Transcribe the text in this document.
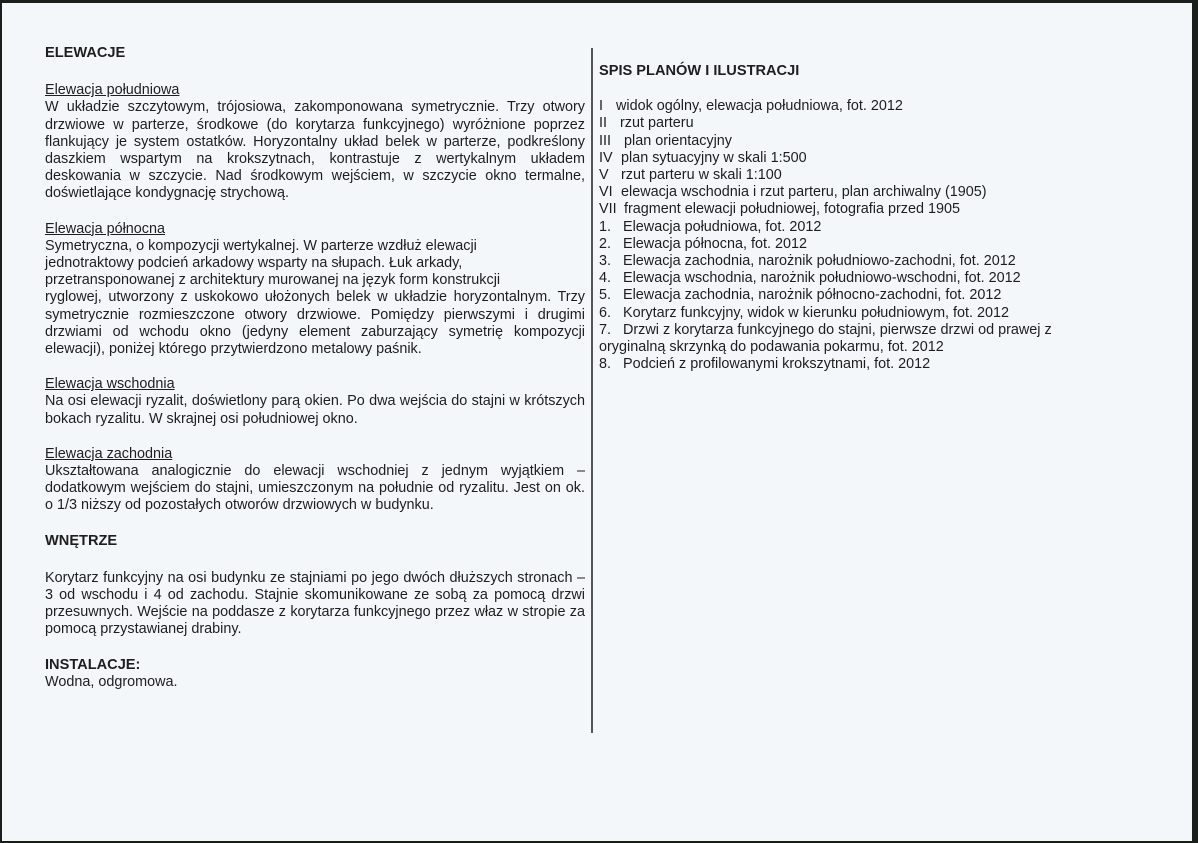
ELEWACJE

Elewacja południowa

W układzie szczytowym, trójosiowa, zakomponowana symetrycznie. Trzy otwory drzwiowe w parterze, środkowe (do korytarza funkcyjnego) wyróżnione poprzez flankujący je system ostatków. Horyzontalny układ belek w parterze, podkreślony daszkiem wspartym na krokszytnach, kontrastuje z wertykalnym układem deskowania w szczycie. Nad środkowym wejściem, w szczycie okno termalne, doświetlające kondygnację strychową.

Elewacja północna

Symetryczna, o kompozycji wertykalnej. W parterze wzdłuż elewacji

jednotraktowy podcień arkadowy wsparty na słupach. Łuk arkady,

przetransponowanej z architektury murowanej na język form konstrukcji

ryglowej, utworzony z uskokowo ułożonych belek w układzie horyzontalnym. Trzy symetrycznie rozmieszczone otwory drzwiowe. Pomiędzy pierwszymi i drugimi drzwiami od wchodu okno (jedyny element zaburzający symetrię kompozycji elewacji), poniżej którego przytwierdzono metalowy paśnik.

Elewacja wschodnia

Na osi elewacji ryzalit, doświetlony parą okien. Po dwa wejścia do stajni w krótszych bokach ryzalitu. W skrajnej osi południowej okno.

Elewacja zachodnia

Ukształtowana analogicznie do elewacji wschodniej z jednym wyjątkiem – dodatkowym wejściem do stajni, umieszczonym na południe od ryzalitu. Jest on ok. o 1/3 niższy od pozostałych otworów drzwiowych w budynku.

WNĘTRZE

Korytarz funkcyjny na osi budynku ze stajniami po jego dwóch dłuższych stronach – 3 od wschodu i 4 od zachodu. Stajnie skomunikowane ze sobą za pomocą drzwi przesuwnych. Wejście na poddasze z korytarza funkcyjnego przez właz w stropie za pomocą przystawianej drabiny.

INSTALACJE:

Wodna, odgromowa.

SPIS PLANÓW I ILUSTRACJI

I widok ogólny, elewacja południowa, fot. 2012

II rzut parteru

III plan orientacyjny

IV plan sytuacyjny w skali 1:500

V rzut parteru w skali 1:100

VI elewacja wschodnia i rzut parteru, plan archiwalny (1905)

VII fragment elewacji południowej, fotografia przed 1905

1. Elewacja południowa, fot. 2012

2. Elewacja północna, fot. 2012

3. Elewacja zachodnia, narożnik południowo-zachodni, fot. 2012

4. Elewacja wschodnia, narożnik południowo-wschodni, fot. 2012

5. Elewacja zachodnia, narożnik północno-zachodni, fot. 2012

6. Korytarz funkcyjny, widok w kierunku południowym, fot. 2012

7. Drzwi z korytarza funkcyjnego do stajni, pierwsze drzwi od prawej z

oryginalną skrzynką do podawania pokarmu, fot. 2012

8. Podcień z profilowanymi krokszytnami, fot. 2012
